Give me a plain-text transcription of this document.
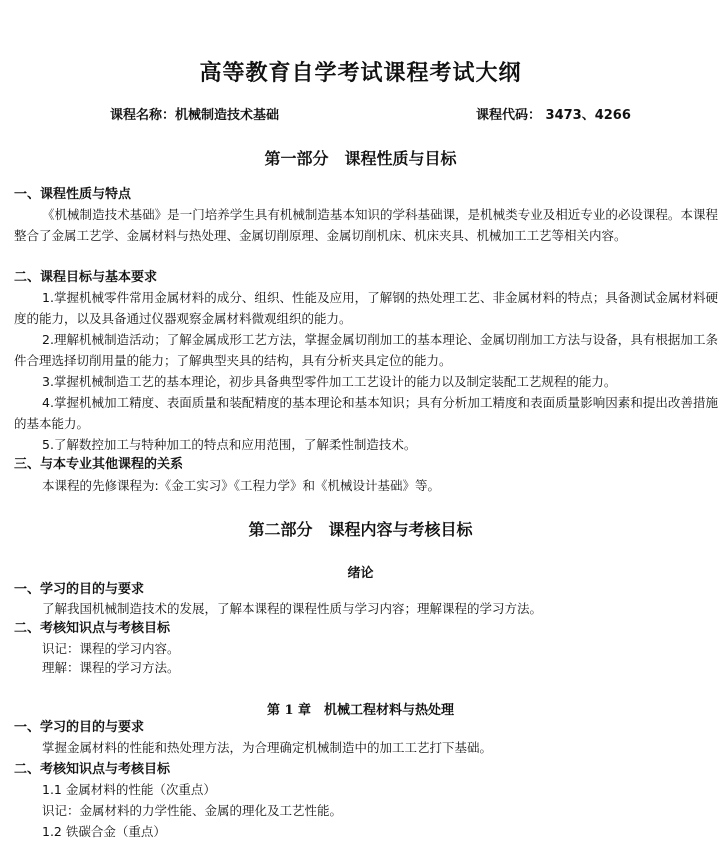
高等教育自学考试课程考试大纲
课程名称：机械制造技术基础	课程代码： 3473、4266
第一部分　课程性质与目标
一、课程性质与特点
《机械制造技术基础》是一门培养学生具有机械制造基本知识的学科基础课，是机械类专业及相近专业的必设课程。本课程整合了金属工艺学、金属材料与热处理、金属切削原理、金属切削机床、机床夹具、机械加工工艺等相关内容。
二、课程目标与基本要求
1.掌握机械零件常用金属材料的成分、组织、性能及应用，了解钢的热处理工艺、非金属材料的特点；具备测试金属材料硬度的能力，以及具备通过仪器观察金属材料微观组织的能力。
2.理解机械制造活动；了解金属成形工艺方法，掌握金属切削加工的基本理论、金属切削加工方法与设备，具有根据加工条件合理选择切削用量的能力；了解典型夹具的结构，具有分析夹具定位的能力。
3.掌握机械制造工艺的基本理论，初步具备典型零件加工工艺设计的能力以及制定装配工艺规程的能力。
4.掌握机械加工精度、表面质量和装配精度的基本理论和基本知识；具有分析加工精度和表面质量影响因素和提出改善措施的基本能力。
5.了解数控加工与特种加工的特点和应用范围，了解柔性制造技术。
三、与本专业其他课程的关系
本课程的先修课程为:《金工实习》《工程力学》和《机械设计基础》等。
第二部分　课程内容与考核目标
绪论
一、学习的目的与要求
了解我国机械制造技术的发展，了解本课程的课程性质与学习内容；理解课程的学习方法。
二、考核知识点与考核目标
识记：课程的学习内容。
理解：课程的学习方法。
第 1 章　机械工程材料与热处理
一、学习的目的与要求
掌握金属材料的性能和热处理方法，为合理确定机械制造中的加工工艺打下基础。
二、考核知识点与考核目标
1.1 金属材料的性能（次重点）
识记：金属材料的力学性能、金属的理化及工艺性能。
1.2 铁碳合金（重点）
